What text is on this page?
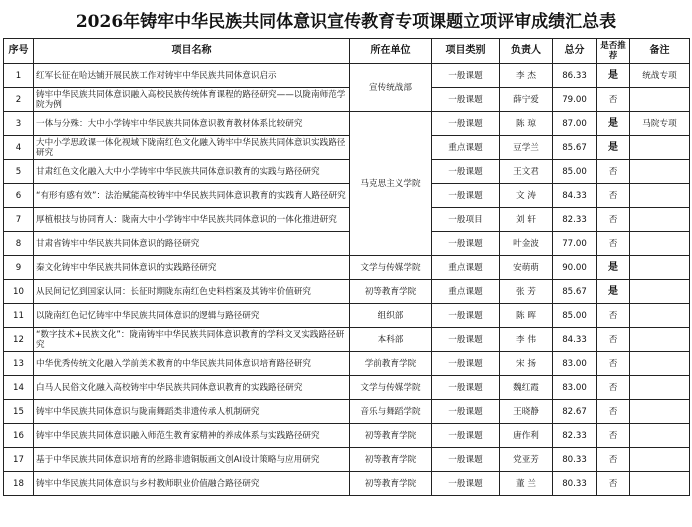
2026年铸牢中华民族共同体意识宣传教育专项课题立项评审成绩汇总表
序号	项目名称	所在单位	项目类别	负责人	总分	是否推荐	备注
1	红军长征在哈达铺开展民族工作对铸牢中华民族共同体意识启示	宣传统战部	一般课题	李 杰	86.33	是	统战专项
2	铸牢中华民族共同体意识融入高校民族传统体育课程的路径研究——以陇南师范学院为例		一般课题	薛宁爱	79.00	否	
3	一体与分殊：大中小学铸牢中华民族共同体意识教育教材体系比较研究	马克思主义学院	一般课题	陈 琼	87.00	是	马院专项
4	大中小学思政课一体化视域下陇南红色文化融入铸牢中华民族共同体意识实践路径研究		重点课题	豆学兰	85.67	是	
5	甘肃红色文化融入大中小学铸牢中华民族共同体意识教育的实践与路径研究		一般课题	王文君	85.00	否	
6	“有形有感有效”：法治赋能高校铸牢中华民族共同体意识教育的实践育人路径研究		一般课题	文 涛	84.33	否	
7	厚植根技与协同育人：陇南大中小学铸牢中华民族共同体意识的一体化推进研究		一般项目	刘 轩	82.33	否	
8	甘肃省铸牢中华民族共同体意识的路径研究		一般课题	叶金波	77.00	否	
9	秦文化铸牢中华民族共同体意识的实践路径研究	文学与传媒学院	重点课题	安萌萌	90.00	是	
10	从民间记忆到国家认同：长征时期陇东南红色史料档案及其铸牢价值研究	初等教育学院	重点课题	张 芳	85.67	是	
11	以陇南红色记忆铸牢中华民族共同体意识的逻辑与路径研究	组织部	一般课题	陈 晖	85.00	否	
12	“数字技术+民族文化”：陇南铸牢中华民族共同体意识教育的学科文叉实践路径研究	本科部	一般课题	李 伟	84.33	否	
13	中华优秀传统文化融入学前美术教育的中华民族共同体意识培育路径研究	学前教育学院	一般课题	宋 扬	83.00	否	
14	白马人民俗文化融入高校铸牢中华民族共同体意识教育的实践路径研究	文学与传媒学院	一般课题	魏红霞	83.00	否	
15	铸牢中华民族共同体意识与陇南舞蹈类非遗传承人机制研究	音乐与舞蹈学院	一般课题	王晓静	82.67	否	
16	铸牢中华民族共同体意识融入师范生教育家精神的养成体系与实践路径研究	初等教育学院	一般课题	唐作利	82.33	否	
17	基于中华民族共同体意识培育的丝路非遗铜版画文创AI设计策略与应用研究	初等教育学院	一般课题	党亚芳	80.33	否	
18	铸牢中华民族共同体意识与乡村教师职业价值融合路径研究	初等教育学院	一般课题	董 兰	80.33	否	
